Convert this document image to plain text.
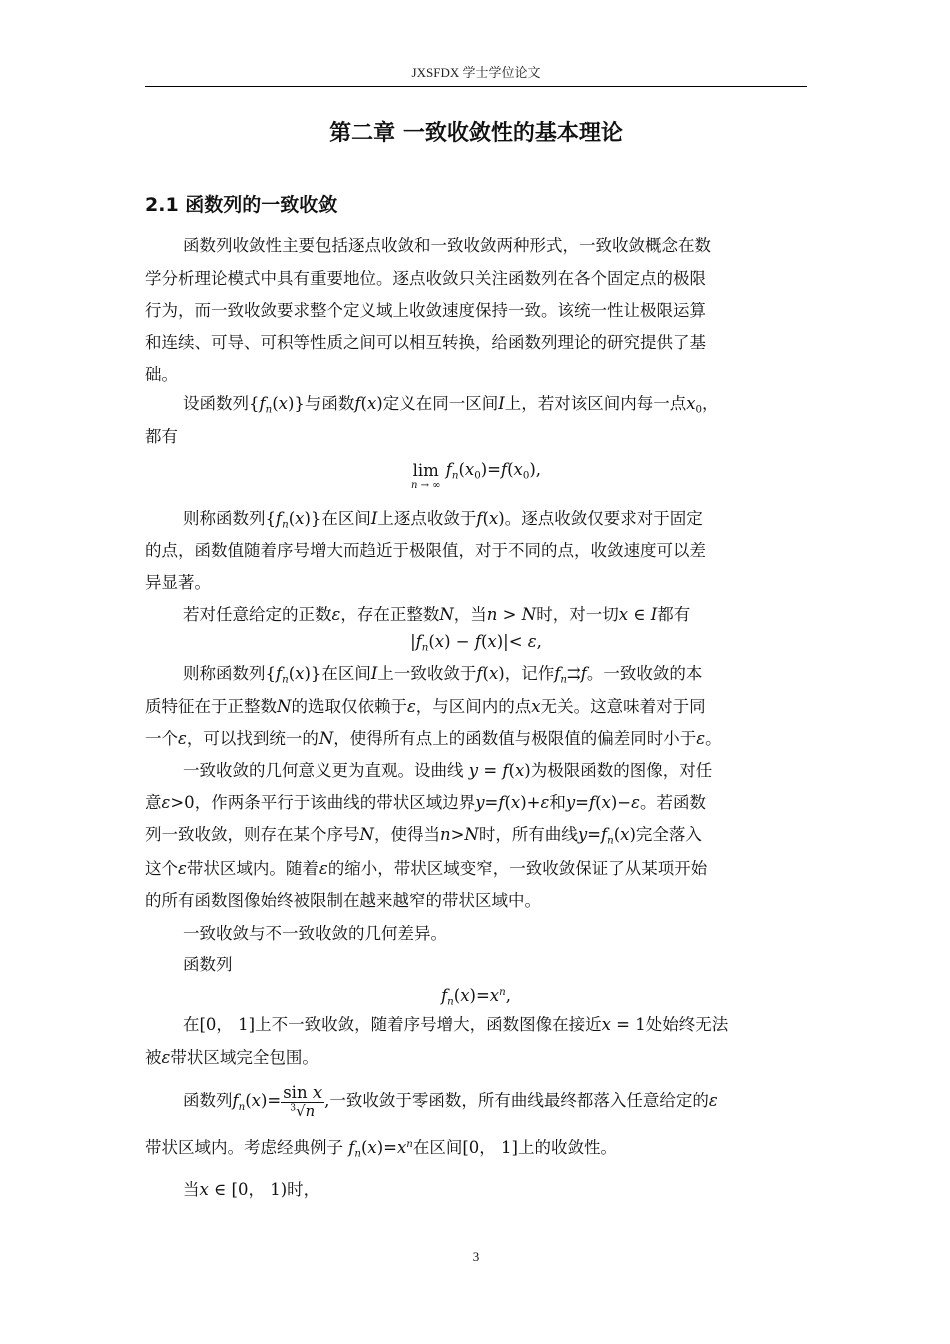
JXSFDX 学士学位论文
第二章 一致收敛性的基本理论
2.1 函数列的一致收敛
函数列收敛性主要包括逐点收敛和一致收敛两种形式，一致收敛概念在数
学分析理论模式中具有重要地位。逐点收敛只关注函数列在各个固定点的极限
行为，而一致收敛要求整个定义域上收敛速度保持一致。该统一性让极限运算
和连续、可导、可积等性质之间可以相互转换，给函数列理论的研究提供了基
础。
设函数列$\{f_n(x)\}$与函数f(x)定义在同一区间I上，若对该区间内每一点$x_0$，
都有
lim
n → ∞
$f_n(x_0)=f(x_0)$,
则称函数列$\{f_n(x)\}$在区间I上逐点收敛于f(x)。逐点收敛仅要求对于固定
的点，函数值随着序号增大而趋近于极限值，对于不同的点，收敛速度可以差
异显著。
若对任意给定的正数ε，存在正整数N，当n > N时，对一切x ∈ I都有
$|f_n(x) - f(x)|< \varepsilon$,
则称函数列$\{f_n(x)\}$在区间I上一致收敛于f(x)，记作$f_n⇉f$。一致收敛的本
质特征在于正整数N的选取仅依赖于ε，与区间内的点x无关。这意味着对于同
一个ε，可以找到统一的N，使得所有点上的函数值与极限值的偏差同时小于ε。
一致收敛的几何意义更为直观。设曲线 y = f(x)为极限函数的图像，对任
意ε>0，作两条平行于该曲线的带状区域边界y=f(x)+ε和y=f(x)−ε。若函数
列一致收敛，则存在某个序号N，使得当n>N时，所有曲线$y=f_n(x)$完全落入
这个ε带状区域内。随着ε的缩小，带状区域变窄，一致收敛保证了从某项开始
的所有函数图像始终被限制在越来越窄的带状区域中。
一致收敛与不一致收敛的几何差异。
函数列
$f_n(x)=x^n$,
在[0， 1]上不一致收敛，随着序号增大，函数图像在接近x = 1处始终无法
被ε带状区域完全包围。
函数列$f_n(x)= \frac{\text{sin x}}{^3√n}$ ,一致收敛于零函数，所有曲线最终都落入任意给定的ε
带状区域内。考虑经典例子 $f_n(x)=x^n$在区间[0， 1]上的收敛性。
当x ∈ [0， 1)时，
3
